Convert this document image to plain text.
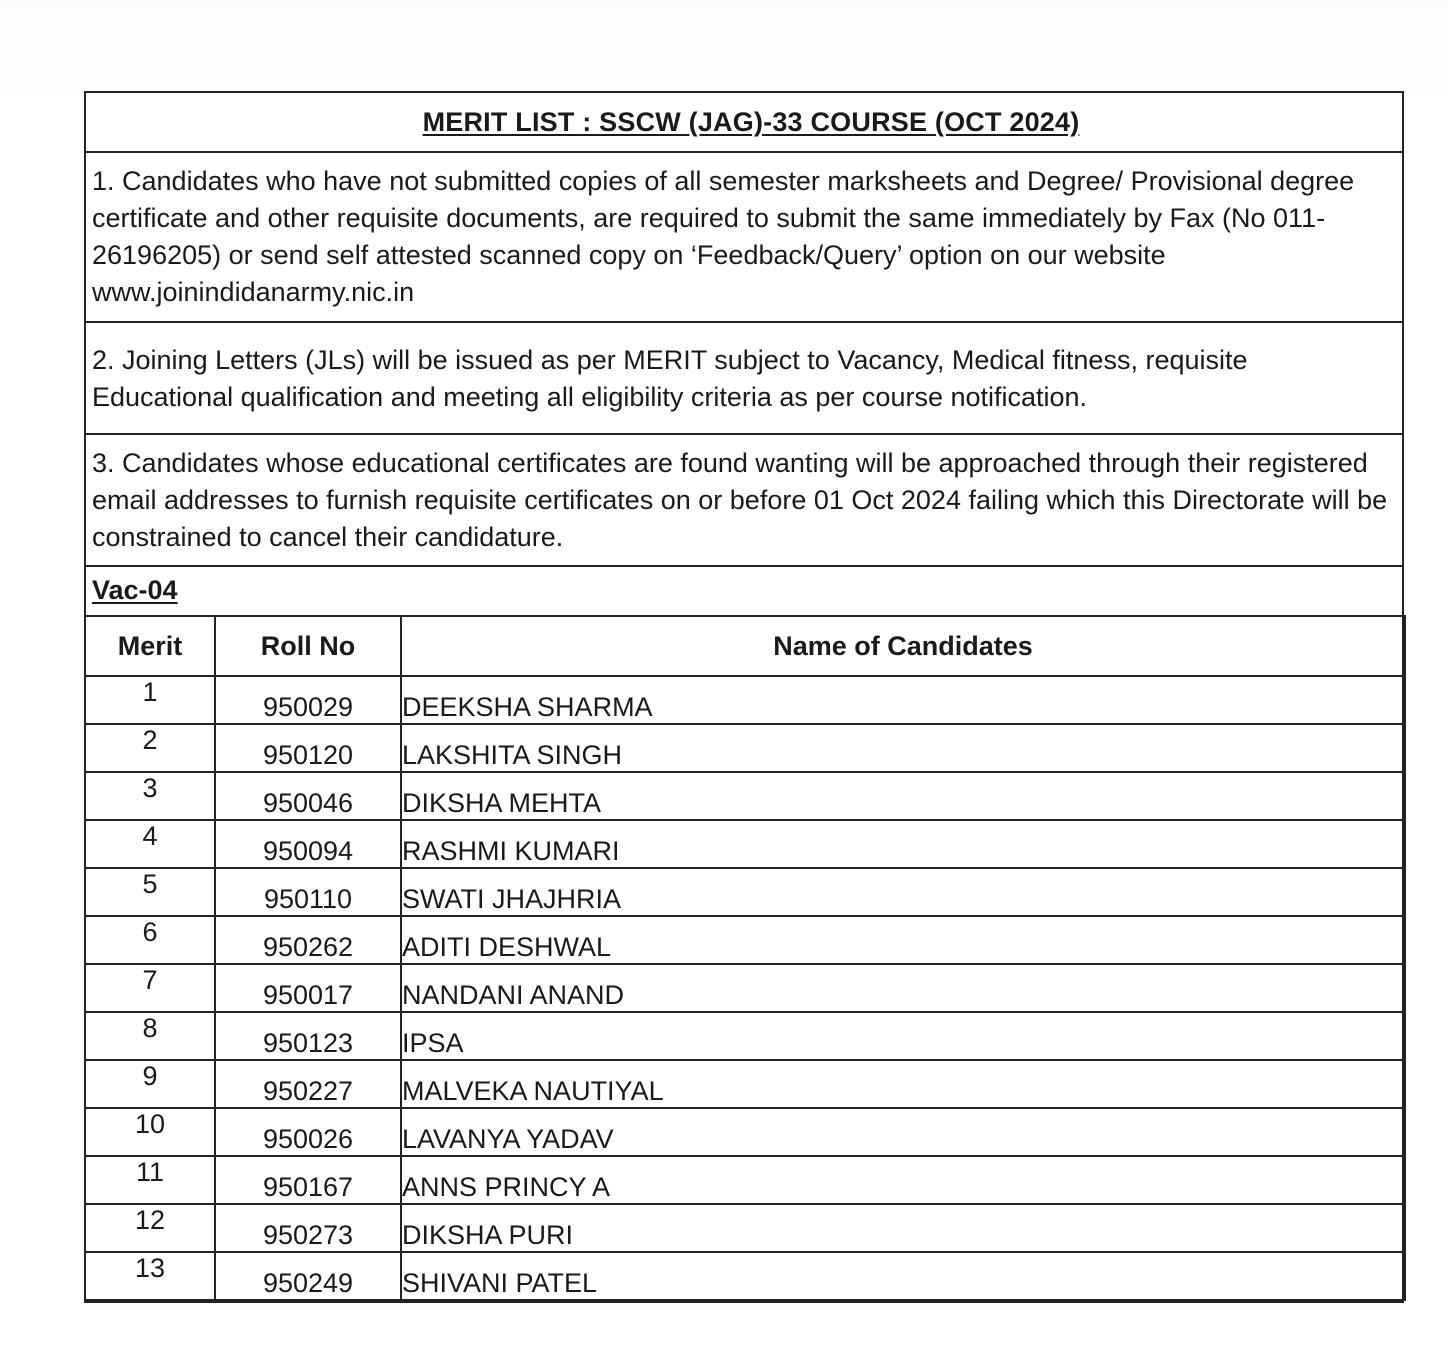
MERIT LIST : SSCW (JAG)-33 COURSE (OCT 2024)
1. Candidates who have not submitted copies of all semester marksheets and Degree/ Provisional degree certificate and other requisite documents, are required to submit the same immediately by Fax (No 011-26196205) or send self attested scanned copy on ‘Feedback/Query’ option on our website www.joinindidanarmy.nic.in
2. Joining Letters (JLs) will be issued as per MERIT subject to Vacancy, Medical fitness, requisite Educational qualification and meeting all eligibility criteria as per course notification.
3. Candidates whose educational certificates are found wanting will be approached through their registered email addresses to furnish requisite certificates on or before 01 Oct 2024 failing which this Directorate will be constrained to cancel their candidature.
Vac-04
Merit	Roll No	Name of Candidates
1	950029	DEEKSHA SHARMA
2	950120	LAKSHITA SINGH
3	950046	DIKSHA MEHTA
4	950094	RASHMI KUMARI
5	950110	SWATI JHAJHRIA
6	950262	ADITI DESHWAL
7	950017	NANDANI ANAND
8	950123	IPSA
9	950227	MALVEKA NAUTIYAL
10	950026	LAVANYA YADAV
11	950167	ANNS PRINCY A
12	950273	DIKSHA PURI
13	950249	SHIVANI PATEL
